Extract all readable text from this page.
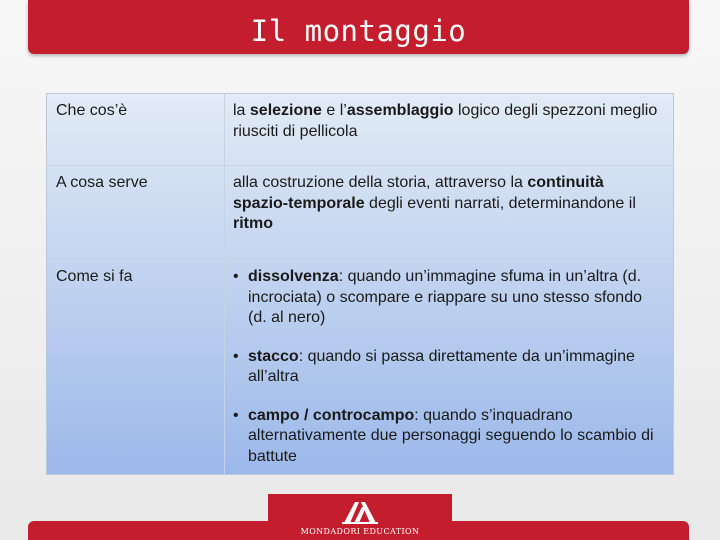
Il montaggio
Che cos’è	la selezione e l’assemblaggio logico degli spezzoni meglio riusciti di pellicola
A cosa serve	alla costruzione della storia, attraverso la continuità spazio-temporale degli eventi narrati, determinandone il ritmo
Come si fa	• dissolvenza: quando un’immagine sfuma in un’altra (d. incrociata) o scompare e riappare su uno stesso sfondo (d. al nero)
• stacco: quando si passa direttamente da un’immagine all’altra
• campo / controcampo: quando s’inquadrano alternativamente due personaggi seguendo lo scambio di battute
MONDADORI EDUCATION
